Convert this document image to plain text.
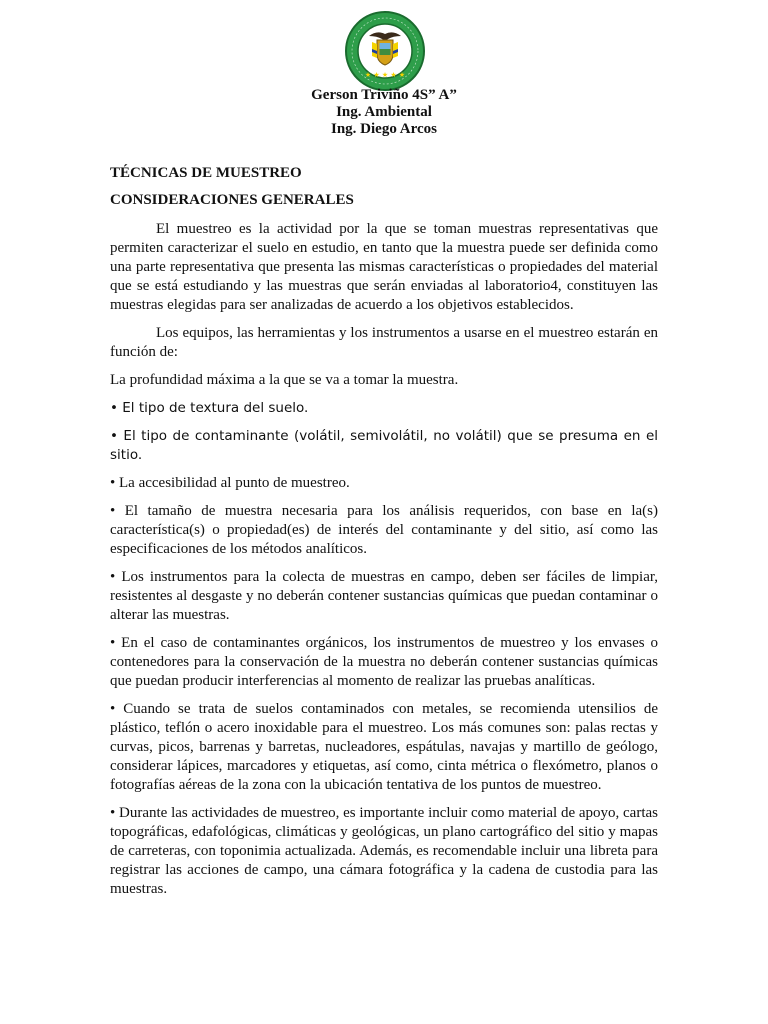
★ ★ ★ ★ ★
Gerson Triviño 4S” A”
Ing. Ambiental
Ing. Diego Arcos
TÉCNICAS DE MUESTREO
CONSIDERACIONES GENERALES

El muestreo es la actividad por la que se toman muestras representativas que permiten caracterizar el suelo en estudio, en tanto que la muestra puede ser definida como una parte representativa que presenta las mismas características o propiedades del material que se está estudiando y las muestras que serán enviadas al laboratorio4, constituyen las muestras elegidas para ser analizadas de acuerdo a los objetivos establecidos.

Los equipos, las herramientas y los instrumentos a usarse en el muestreo estarán en función de:

La profundidad máxima a la que se va a tomar la muestra.

• El tipo de textura del suelo.

• El tipo de contaminante (volátil, semivolátil, no volátil) que se presuma en el sitio.

• La accesibilidad al punto de muestreo.

• El tamaño de muestra necesaria para los análisis requeridos, con base en la(s) característica(s) o propiedad(es) de interés del contaminante y del sitio, así como las especificaciones de los métodos analíticos.

• Los instrumentos para la colecta de muestras en campo, deben ser fáciles de limpiar, resistentes al desgaste y no deberán contener sustancias químicas que puedan contaminar o alterar las muestras.

• En el caso de contaminantes orgánicos, los instrumentos de muestreo y los envases o contenedores para la conservación de la muestra no deberán contener sustancias químicas que puedan producir interferencias al momento de realizar las pruebas analíticas.

• Cuando se trata de suelos contaminados con metales, se recomienda utensilios de plástico, teflón o acero inoxidable para el muestreo. Los más comunes son: palas rectas y curvas, picos, barrenas y barretas, nucleadores, espátulas, navajas y martillo de geólogo, considerar lápices, marcadores y etiquetas, así como, cinta métrica o flexómetro, planos o fotografías aéreas de la zona con la ubicación tentativa de los puntos de muestreo.

• Durante las actividades de muestreo, es importante incluir como material de apoyo, cartas topográficas, edafológicas, climáticas y geológicas, un plano cartográfico del sitio y mapas de carreteras, con toponimia actualizada. Además, es recomendable incluir una libreta para registrar las acciones de campo, una cámara fotográfica y la cadena de custodia para las muestras.
